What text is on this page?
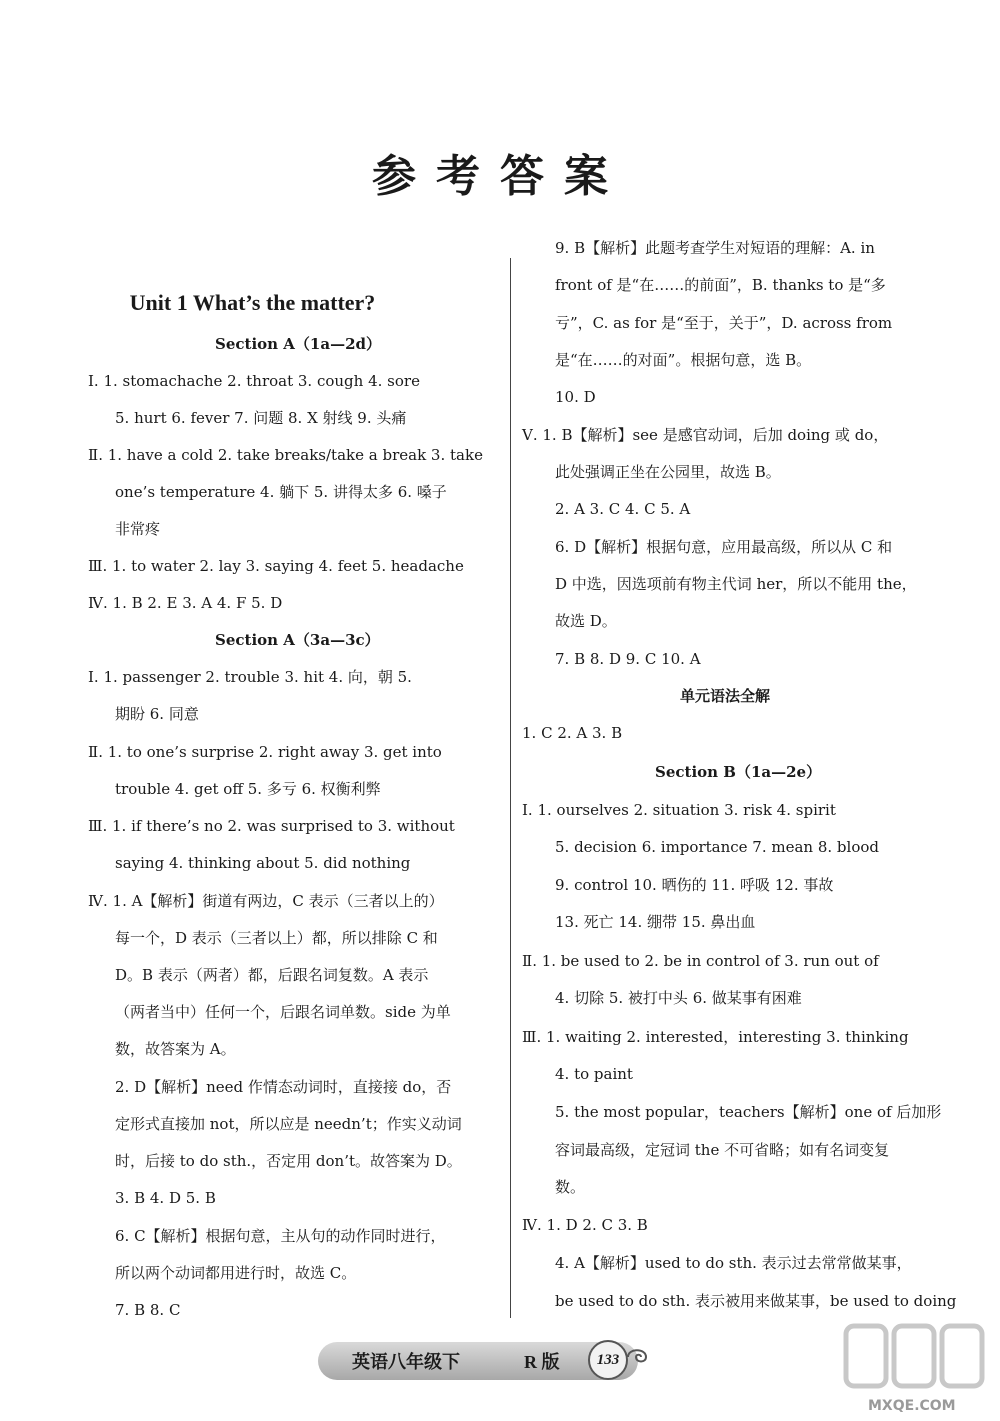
参考答案
Unit 1 What’s the matter?
Section A（1a—2d）
Ⅰ. 1. stomachache 2. throat 3. cough 4. sore
5. hurt 6. fever 7. 问题 8. X 射线 9. 头痛
Ⅱ. 1. have a cold 2. take breaks/take a break 3. take
one’s temperature 4. 躺下 5. 讲得太多 6. 嗓子
非常疼
Ⅲ. 1. to water 2. lay 3. saying 4. feet 5. headache
Ⅳ. 1. B 2. E 3. A 4. F 5. D
Section A（3a—3c）
Ⅰ. 1. passenger 2. trouble 3. hit 4. 向，朝 5.
期盼 6. 同意
Ⅱ. 1. to one’s surprise 2. right away 3. get into
trouble 4. get off 5. 多亏 6. 权衡利弊
Ⅲ. 1. if there’s no 2. was surprised to 3. without
saying 4. thinking about 5. did nothing
Ⅳ. 1. A【解析】街道有两边，C 表示（三者以上的）
每一个，D 表示（三者以上）都，所以排除 C 和
D。B 表示（两者）都，后跟名词复数。A 表示
（两者当中）任何一个，后跟名词单数。side 为单
数，故答案为 A。
2. D【解析】need 作情态动词时，直接接 do，否
定形式直接加 not，所以应是 needn’t；作实义动词
时，后接 to do sth.，否定用 don’t。故答案为 D。
3. B 4. D 5. B
6. C【解析】根据句意，主从句的动作同时进行，
所以两个动词都用进行时，故选 C。
7. B 8. C
9. B【解析】此题考查学生对短语的理解：A. in
front of 是“在……的前面”，B. thanks to 是“多
亏”，C. as for 是“至于，关于”，D. across from
是“在……的对面”。根据句意，选 B。
10. D
Ⅴ. 1. B【解析】see 是感官动词，后加 doing 或 do，
此处强调正坐在公园里，故选 B。
2. A 3. C 4. C 5. A
6. D【解析】根据句意，应用最高级，所以从 C 和
D 中选，因选项前有物主代词 her，所以不能用 the，
故选 D。
7. B 8. D 9. C 10. A
单元语法全解
1. C 2. A 3. B
Section B（1a—2e）
Ⅰ. 1. ourselves 2. situation 3. risk 4. spirit
5. decision 6. importance 7. mean 8. blood
9. control 10. 晒伤的 11. 呼吸 12. 事故
13. 死亡 14. 绷带 15. 鼻出血
Ⅱ. 1. be used to 2. be in control of 3. run out of
4. 切除 5. 被打中头 6. 做某事有困难
Ⅲ. 1. waiting 2. interested，interesting 3. thinking
4. to paint
5. the most popular，teachers【解析】one of 后加形
容词最高级，定冠词 the 不可省略；如有名词变复
数。
Ⅳ. 1. D 2. C 3. B
4. A【解析】used to do sth. 表示过去常常做某事，
be used to do sth. 表示被用来做某事，be used to doing
英语八年级下	R 版	133
MXQE.COM
